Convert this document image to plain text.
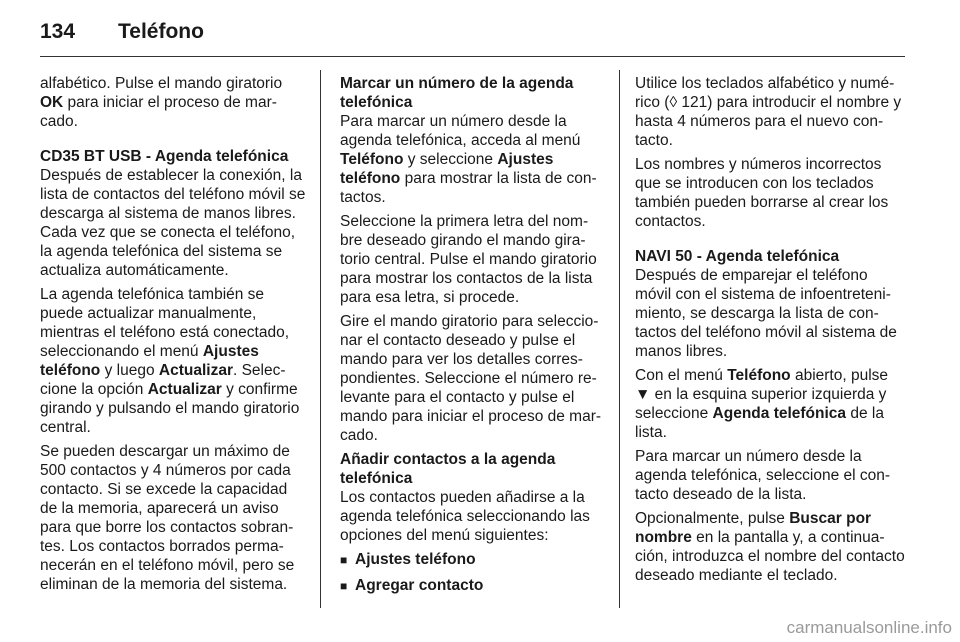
134 Teléfono

alfabético. Pulse el mando giratorio OK para iniciar el proceso de marcado.

CD35 BT USB - Agenda telefónica

Después de establecer la conexión, la lista de contactos del teléfono móvil se descarga al sistema de manos libres. Cada vez que se conecta el teléfono, la agenda telefónica del sistema se actualiza automáticamente.

La agenda telefónica también se puede actualizar manualmente, mientras el teléfono está conectado, seleccionando el menú Ajustes teléfono y luego Actualizar. Seleccione la opción Actualizar y confirme girando y pulsando el mando giratorio central.

Se pueden descargar un máximo de 500 contactos y 4 números por cada contacto. Si se excede la capacidad de la memoria, aparecerá un aviso para que borre los contactos sobrantes. Los contactos borrados permanecerán en el teléfono móvil, pero se eliminan de la memoria del sistema.

Marcar un número de la agenda telefónica

Para marcar un número desde la agenda telefónica, acceda al menú Teléfono y seleccione Ajustes teléfono para mostrar la lista de contactos.

Seleccione la primera letra del nombre deseado girando el mando giratorio central. Pulse el mando giratorio para mostrar los contactos de la lista para esa letra, si procede.

Gire el mando giratorio para seleccionar el contacto deseado y pulse el mando para ver los detalles correspondientes. Seleccione el número relevante para el contacto y pulse el mando para iniciar el proceso de marcado.

Añadir contactos a la agenda telefónica

Los contactos pueden añadirse a la agenda telefónica seleccionando las opciones del menú siguientes:

■ Ajustes teléfono
■ Agregar contacto

Utilice los teclados alfabético y numérico (◊ 121) para introducir el nombre y hasta 4 números para el nuevo contacto.

Los nombres y números incorrectos que se introducen con los teclados también pueden borrarse al crear los contactos.

NAVI 50 - Agenda telefónica

Después de emparejar el teléfono móvil con el sistema de infoentretenimiento, se descarga la lista de contactos del teléfono móvil al sistema de manos libres.

Con el menú Teléfono abierto, pulse ▼ en la esquina superior izquierda y seleccione Agenda telefónica de la lista.

Para marcar un número desde la agenda telefónica, seleccione el contacto deseado de la lista.

Opcionalmente, pulse Buscar por nombre en la pantalla y, a continuación, introduzca el nombre del contacto deseado mediante el teclado.

carmanualsonline.info
